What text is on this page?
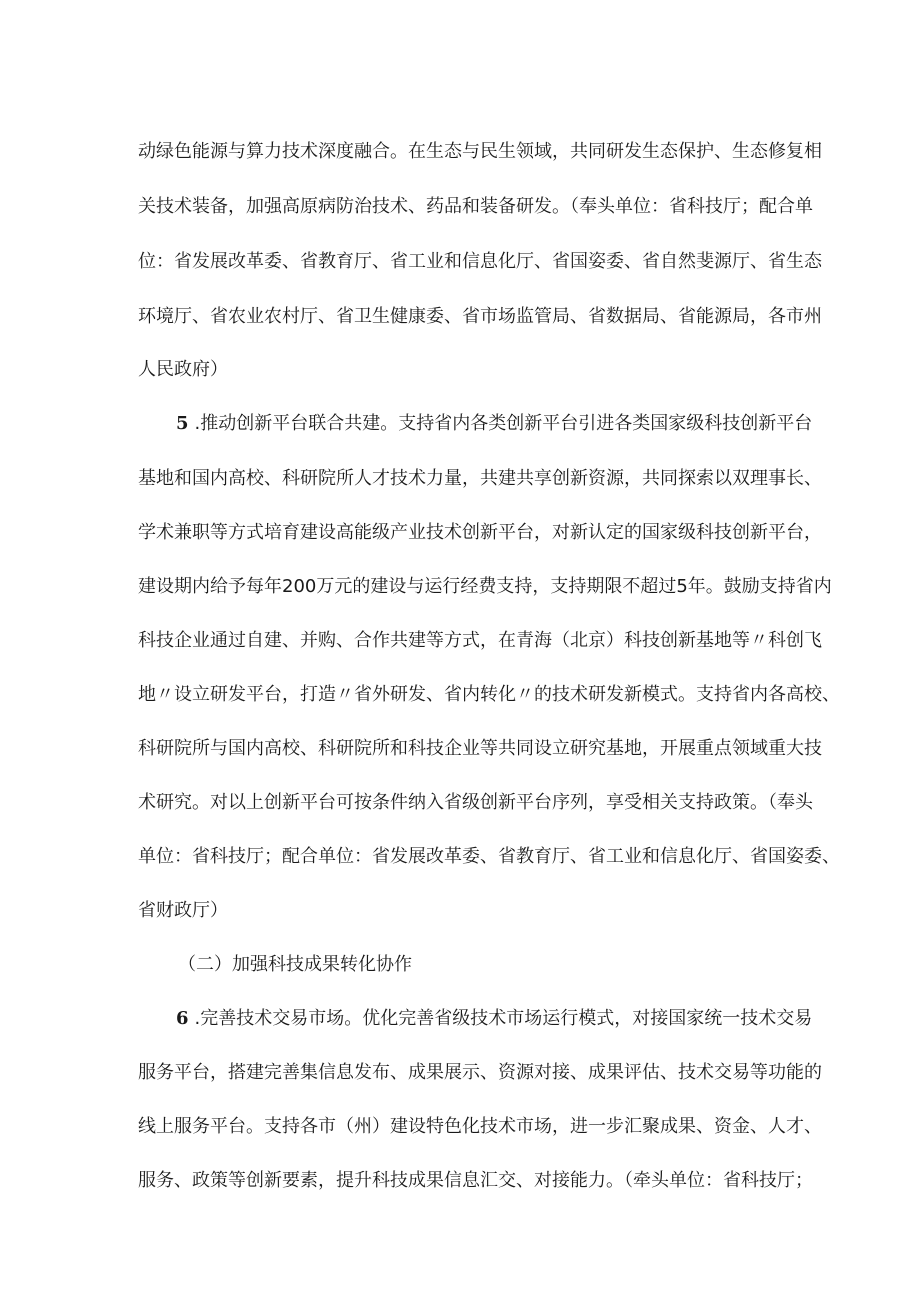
动绿色能源与算力技术深度融合。在生态与民生领域，共同研发生态保护、生态修复相
关技术装备，加强高原病防治技术、药品和装备研发。（奉头单位：省科技厅；配合单
位：省发展改革委、省教育厅、省工业和信息化厅、省国姿委、省自然斐源厅、省生态
环境厅、省农业农村厅、省卫生健康委、省市场监管局、省数据局、省能源局，各市州
人民政府）
5 .推动创新平台联合共建。支持省内各类创新平台引进各类国家级科技创新平台
基地和国内高校、科研院所人才技术力量，共建共享创新资源，共同探索以双理事长、
学术兼职等方式培育建设高能级产业技术创新平台，对新认定的国家级科技创新平台，
建设期内给予每年200万元的建设与运行经费支持，支持期限不超过5年。鼓励支持省内
科技企业通过自建、并购、合作共建等方式，在青海（北京）科技创新基地等〃科创飞
地〃设立研发平台，打造〃省外研发、省内转化〃的技术研发新模式。支持省内各高校、
科研院所与国内高校、科研院所和科技企业等共同设立研究基地，开展重点领域重大技
术研究。对以上创新平台可按条件纳入省级创新平台序列，享受相关支持政策。（奉头
单位：省科技厅；配合单位：省发展改革委、省教育厅、省工业和信息化厅、省国姿委、
省财政厅）
（二）加强科技成果转化协作
6 .完善技术交易市场。优化完善省级技术市场运行模式，对接国家统一技术交易
服务平台，搭建完善集信息发布、成果展示、资源对接、成果评估、技术交易等功能的
线上服务平台。支持各市（州）建设特色化技术市场，进一步汇聚成果、资金、人才、
服务、政策等创新要素，提升科技成果信息汇交、对接能力。（牵头单位：省科技厅；
